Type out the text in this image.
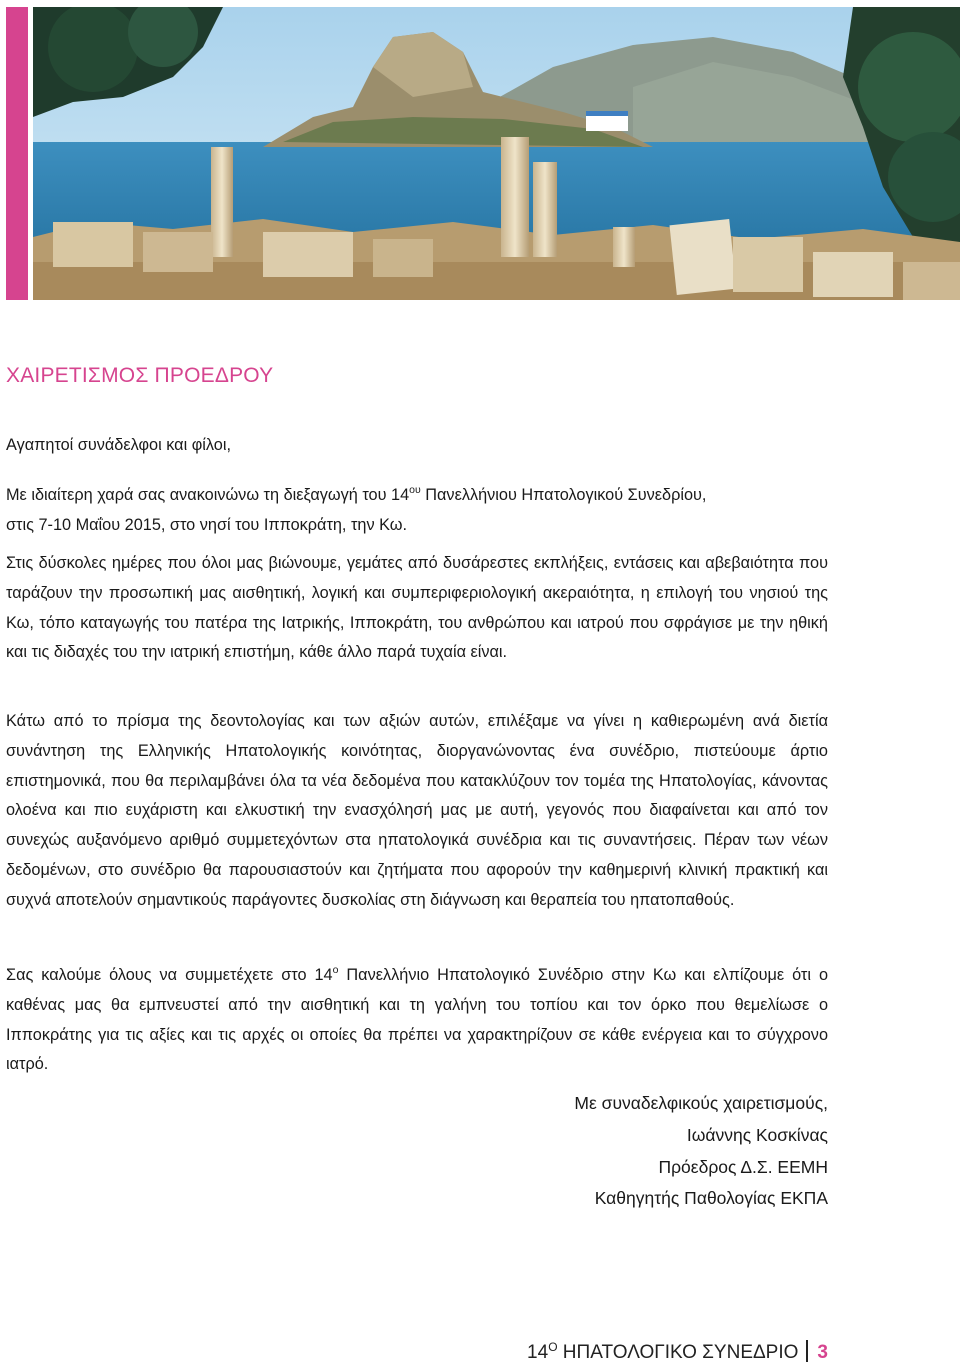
ΧΑΙΡΕΤΙΣΜΟΣ ΠΡΟΕΔΡΟΥ
Αγαπητοί συνάδελφοι και φίλοι,
Με ιδιαίτερη χαρά σας ανακοινώνω τη διεξαγωγή του $14^{o\upsilon}$ Πανελλήνιου Ηπατολογικού Συνεδρίου,
στις 7-10 Μαΐου 2015, στο νησί του Ιπποκράτη, την Κω.

Στις δύσκολες ημέρες που όλοι μας βιώνουμε, γεμάτες από δυσάρεστες εκπλήξεις, εντάσεις και αβεβαιότητα που ταράζουν την προσωπική μας αισθητική, λογική και συμπεριφεριολογική ακεραιότητα, η επιλογή του νησιού της Κω, τόπο καταγωγής του πατέρα της Ιατρικής, Ιπποκράτη, του ανθρώπου και ιατρού που σφράγισε με την ηθική και τις διδαχές του την ιατρική επιστήμη, κάθε άλλο παρά τυχαία είναι.

Κάτω από το πρίσμα της δεοντολογίας και των αξιών αυτών, επιλέξαμε να γίνει η καθιερωμένη ανά διετία συνάντηση της Ελληνικής Ηπατολογικής κοινότητας, διοργανώνοντας ένα συνέδριο, πιστεύουμε άρτιο επιστημονικά, που θα περιλαμβάνει όλα τα νέα δεδομένα που κατακλύζουν τον τομέα της Ηπατολογίας, κάνοντας ολοένα και πιο ευχάριστη και ελκυστική την ενασχόλησή μας με αυτή, γεγονός που διαφαίνεται και από τον συνεχώς αυξανόμενο αριθμό συμμετεχόντων στα ηπατολογικά συνέδρια και τις συναντήσεις. Πέραν των νέων δεδομένων, στο συνέδριο θα παρουσιαστούν και ζητήματα που αφορούν την καθημερινή κλινική πρακτική και συχνά αποτελούν σημαντικούς παράγοντες δυσκολίας στη διάγνωση και θεραπεία του ηπατοπαθούς.

Σας καλούμε όλους να συμμετέχετε στο $14^o$ Πανελλήνιο Ηπατολογικό Συνέδριο στην Κω και ελπίζουμε ότι ο καθένας μας θα εμπνευστεί από την αισθητική και τη γαλήνη του τοπίου και τον όρκο που θεμελίωσε ο Ιπποκράτης για τις αξίες και τις αρχές οι οποίες θα πρέπει να χαρακτηρίζουν σε κάθε ενέργεια και το σύγχρονο ιατρό.

Με συναδελφικούς χαιρετισμούς,
Ιωάννης Κοσκίνας
Πρόεδρος Δ.Σ. ΕΕΜΗ
Καθηγητής Παθολογίας ΕΚΠΑ
$14^O$ ΗΠΑΤΟΛΟΓΙΚΟ ΣΥΝΕΔΡΙΟ 3
